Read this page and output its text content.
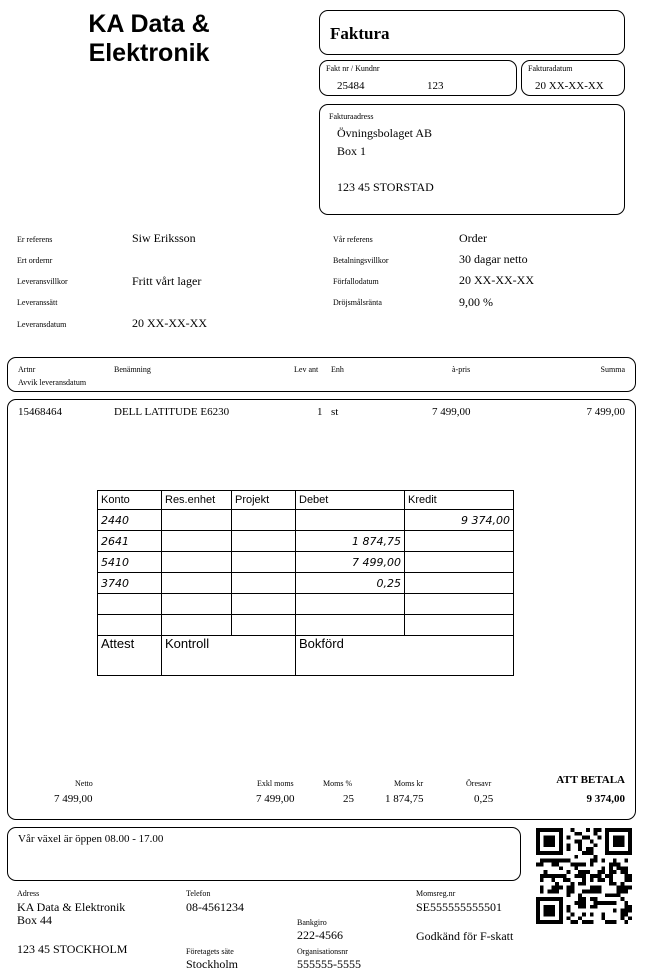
KA Data &
Elektronik
Faktura
Fakt nr / Kundnr
25484	123
Fakturadatum
20 XX-XX-XX
Fakturaadress
Övningsbolaget AB
Box 1
123 45 STORSTAD
Er referens	Siw Eriksson
Ert ordernr
Leveransvillkor	Fritt vårt lager
Leveranssätt
Leveransdatum	20 XX-XX-XX
Vår referens	Order
Betalningsvillkor	30 dagar netto
Förfallodatum	20 XX-XX-XX
Dröjsmålsränta	9,00 %
Artnr	Benämning	Lev ant Enh	à-pris	Summa
Avvik leveransdatum
15468464	DELL LATITUDE E6230	1 st	7 499,00	7 499,00
Netto
7 499,00
Exkl moms
7 499,00
Moms %
25
Moms kr
1 874,75
Öresavr
0,25
ATT BETALA
9 374,00
Konto	Res.enhet	Projekt	Debet	Kredit
2440				9 374,00
2641			1 874,75	
5410			7 499,00	
3740			0,25	

Attest	Kontroll		Bokförd	
Vår växel är öppen 08.00 - 17.00
Adress
KA Data & Elektronik
Box 44
123 45 STOCKHOLM
Telefon
08-4561234
Bankgiro
222-4566
Företagets säte
Stockholm
Organisationsnr
555555-5555
Momsreg.nr
SE555555555501
Godkänd för F-skatt
